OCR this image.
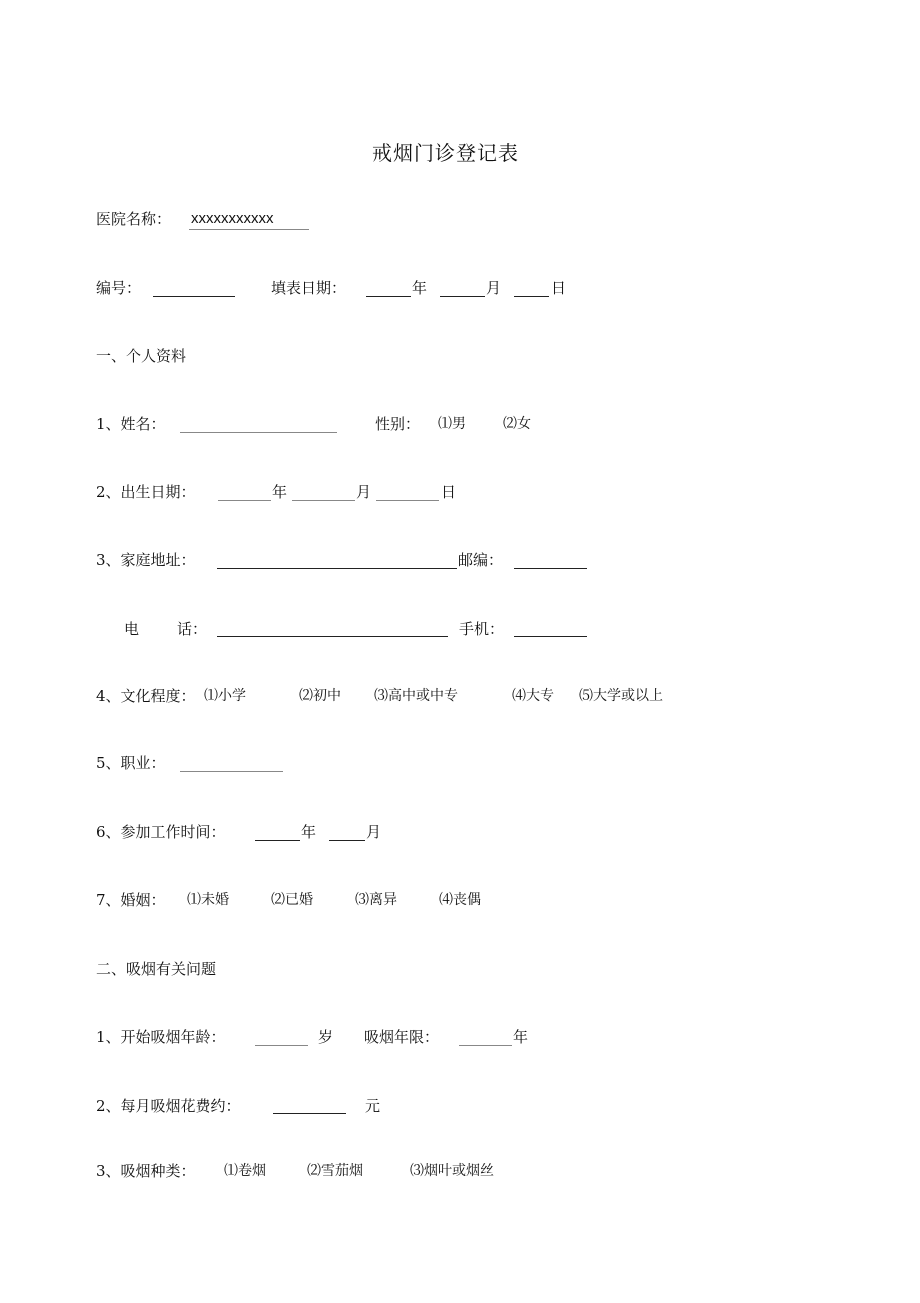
戒烟门诊登记表
医院名称： xxxxxxxxxxx
编号：	填表日期：	年	月	日
一、个人资料
1、姓名：	性别： ⑴男	⑵女
2、出生日期：	年	月	日
3、家庭地址：	邮编：
电	话：	手机：
4、文化程度： ⑴小学	⑵初中 ⑶高中或中专	⑷大专 ⑸大学或以上
5、职业：
6、参加工作时间：	年	月
7、婚姻： ⑴未婚	⑵已婚	⑶离异	⑷丧偶
二、吸烟有关问题
1、开始吸烟年龄：	岁 吸烟年限：	年
2、每月吸烟花费约：	元
3、吸烟种类： ⑴卷烟	⑵雪茄烟	⑶烟叶或烟丝
